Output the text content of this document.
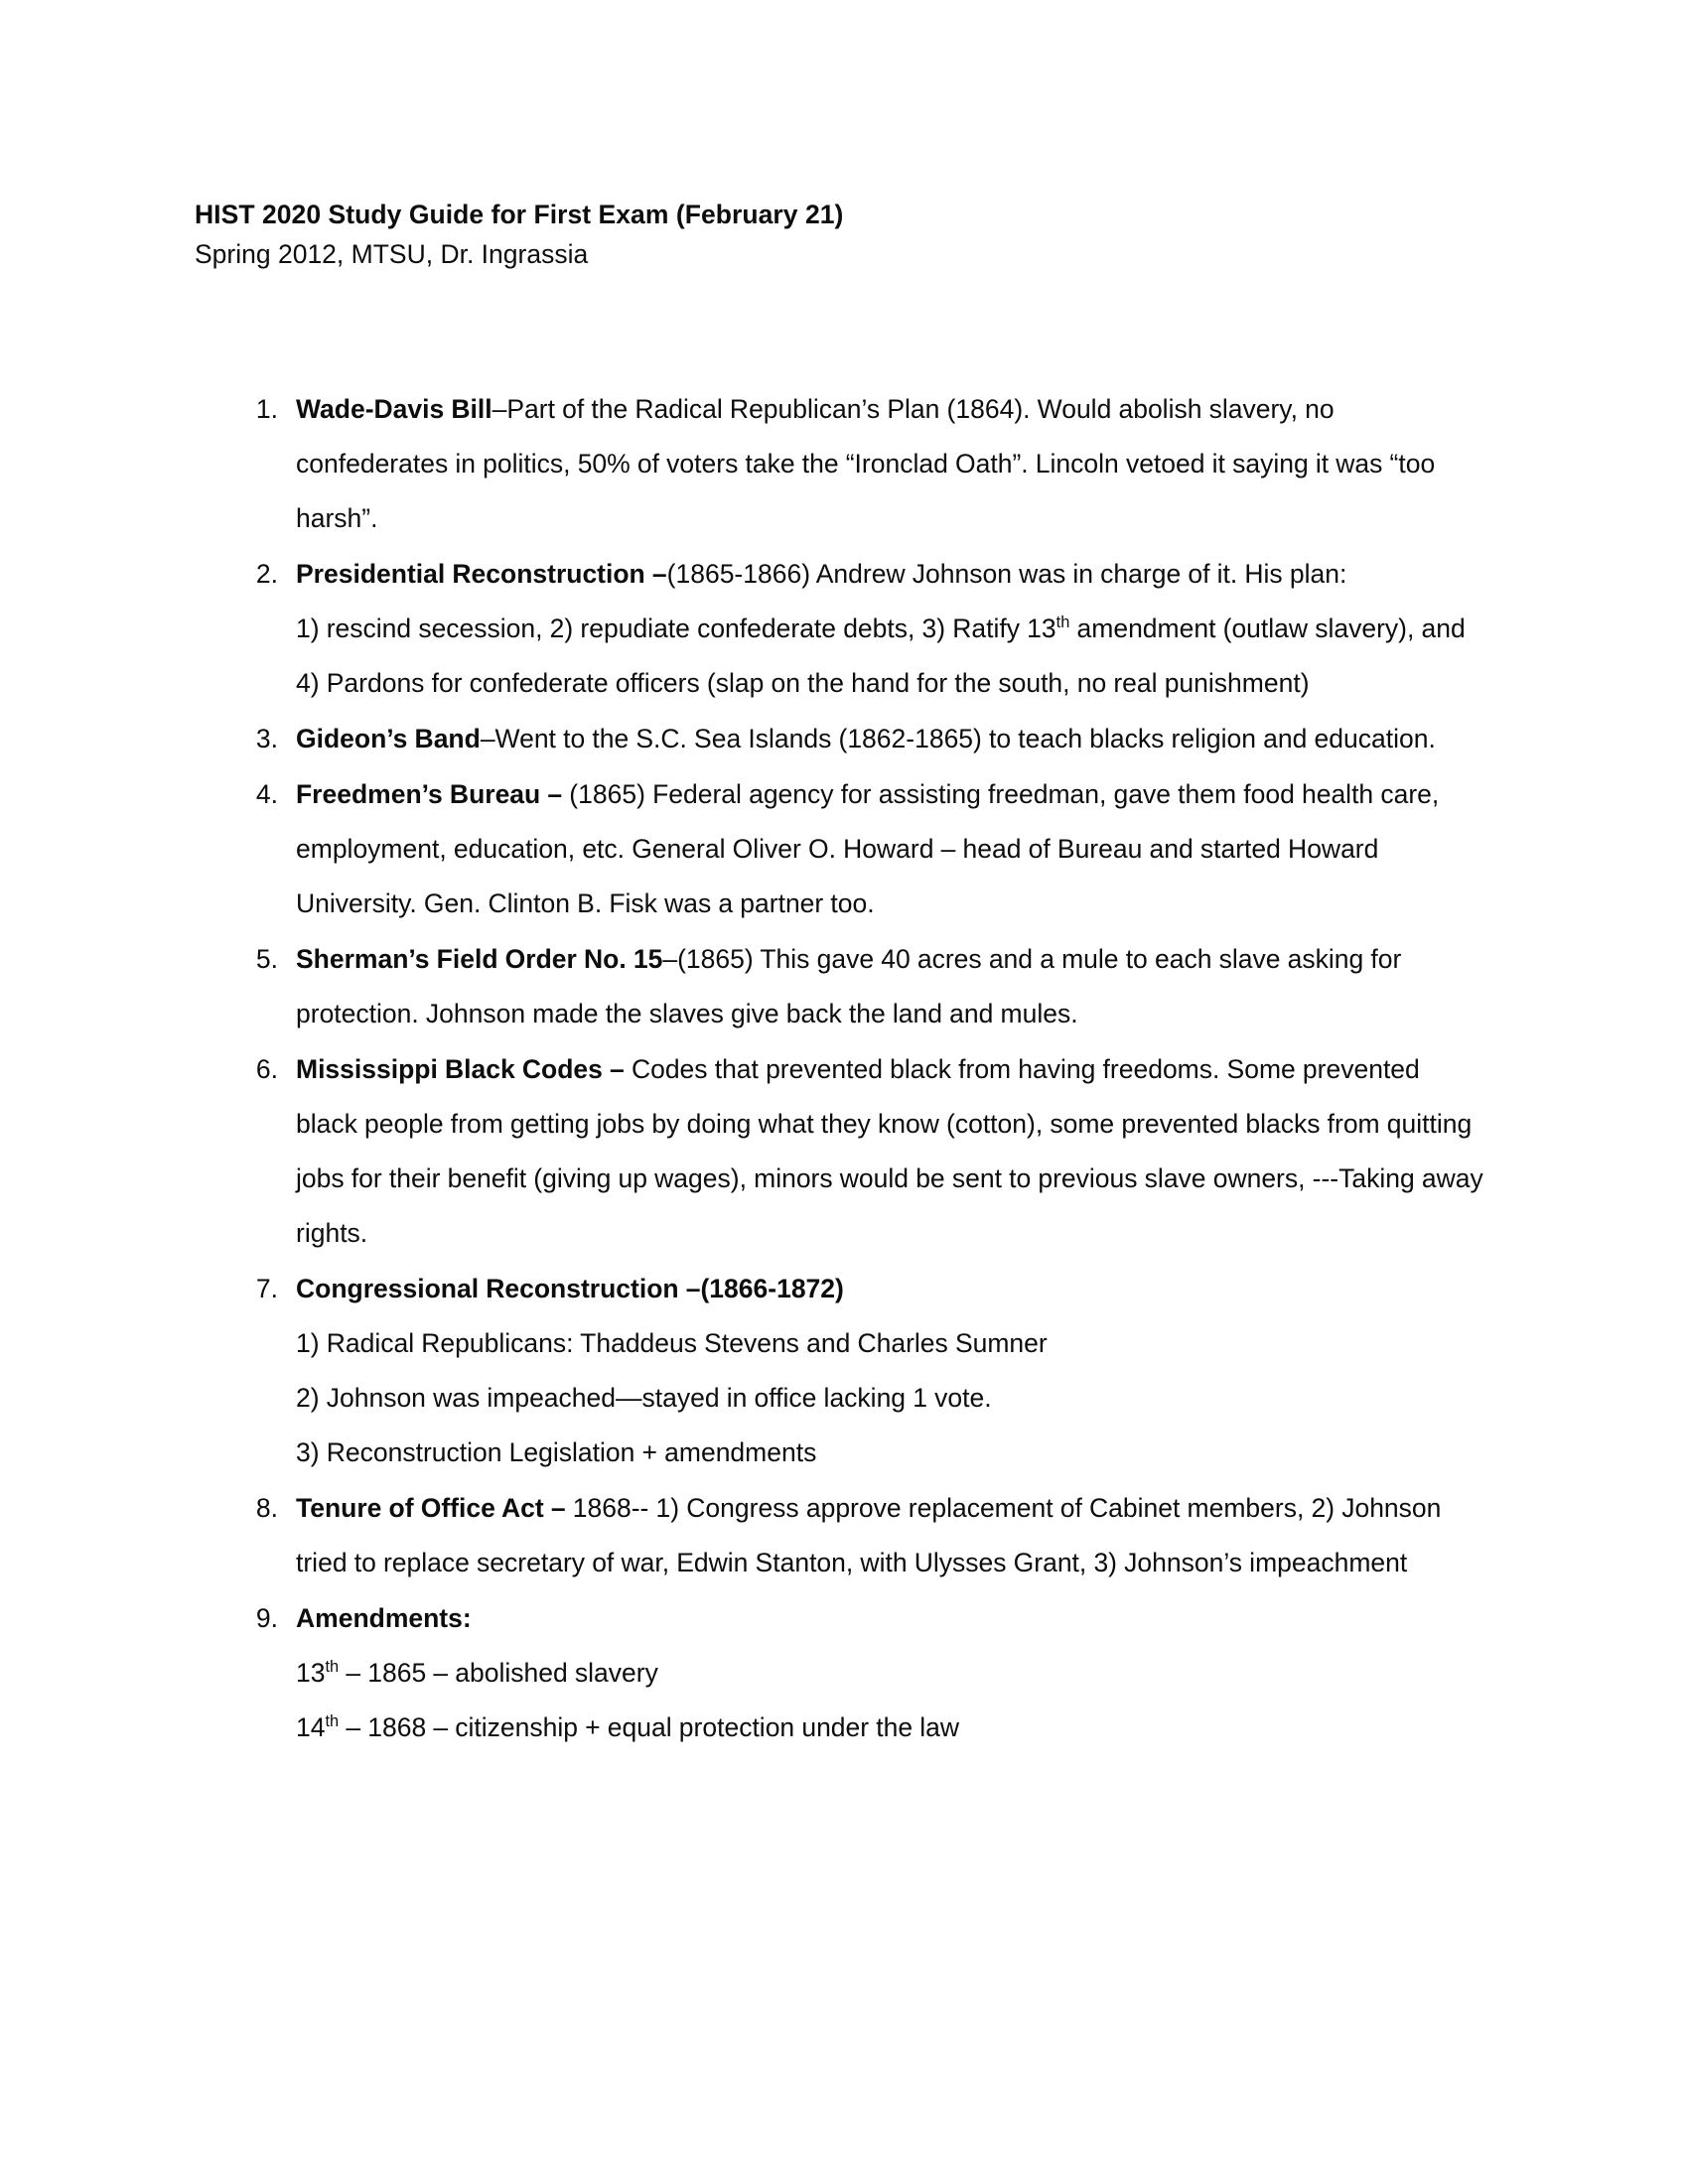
HIST 2020 Study Guide for First Exam (February 21)
Spring 2012, MTSU, Dr. Ingrassia
1. Wade-Davis Bill–Part of the Radical Republican’s Plan (1864). Would abolish slavery, no confederates in politics, 50% of voters take the “Ironclad Oath”. Lincoln vetoed it saying it was “too harsh”.
2. Presidential Reconstruction –(1865-1866) Andrew Johnson was in charge of it. His plan:
1) rescind secession, 2) repudiate confederate debts, 3) Ratify 13th amendment (outlaw slavery), and 4) Pardons for confederate officers (slap on the hand for the south, no real punishment)
3. Gideon’s Band–Went to the S.C. Sea Islands (1862-1865) to teach blacks religion and education.
4. Freedmen’s Bureau – (1865) Federal agency for assisting freedman, gave them food health care, employment, education, etc. General Oliver O. Howard – head of Bureau and started Howard University. Gen. Clinton B. Fisk was a partner too.
5. Sherman’s Field Order No. 15–(1865) This gave 40 acres and a mule to each slave asking for protection. Johnson made the slaves give back the land and mules.
6. Mississippi Black Codes – Codes that prevented black from having freedoms. Some prevented black people from getting jobs by doing what they know (cotton), some prevented blacks from quitting jobs for their benefit (giving up wages), minors would be sent to previous slave owners, ---Taking away rights.
7. Congressional Reconstruction –(1866-1872)
1) Radical Republicans: Thaddeus Stevens and Charles Sumner
2) Johnson was impeached—stayed in office lacking 1 vote.
3) Reconstruction Legislation + amendments
8. Tenure of Office Act – 1868-- 1) Congress approve replacement of Cabinet members, 2) Johnson tried to replace secretary of war, Edwin Stanton, with Ulysses Grant, 3) Johnson’s impeachment
9. Amendments:
13th – 1865 – abolished slavery
14th – 1868 – citizenship + equal protection under the law
